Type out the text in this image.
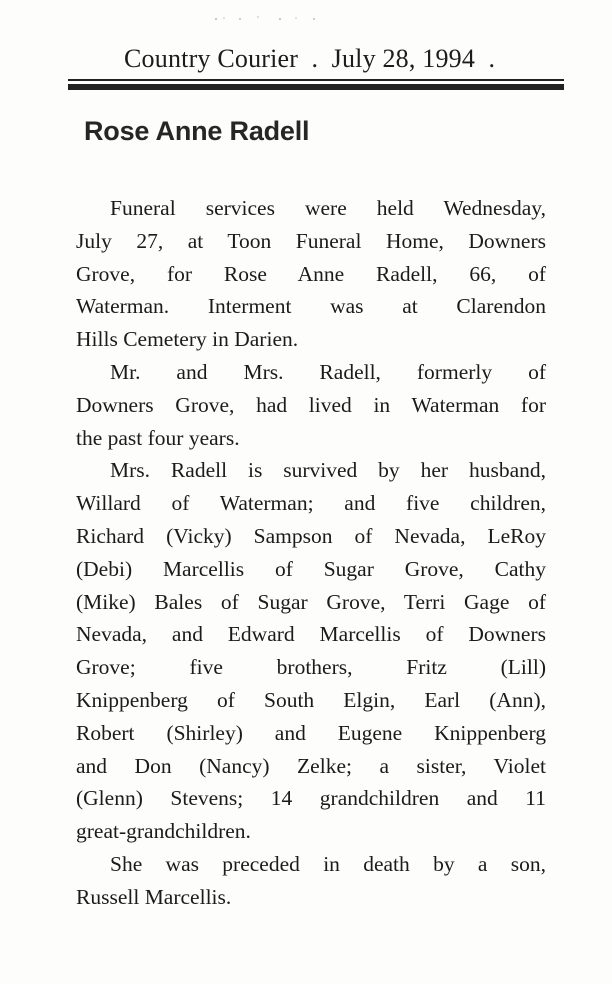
Country Courier  .  July 28, 1994  .
Rose Anne Radell
Funeral services were held Wednesday,
July 27, at Toon Funeral Home, Downers
Grove, for Rose Anne Radell, 66, of
Waterman. Interment was at Clarendon
Hills Cemetery in Darien.
Mr. and Mrs. Radell, formerly of
Downers Grove, had lived in Waterman for
the past four years.
Mrs. Radell is survived by her husband,
Willard of Waterman; and five children,
Richard (Vicky) Sampson of Nevada, LeRoy
(Debi) Marcellis of Sugar Grove, Cathy
(Mike) Bales of Sugar Grove, Terri Gage of
Nevada, and Edward Marcellis of Downers
Grove; five brothers, Fritz (Lill)
Knippenberg of South Elgin, Earl (Ann),
Robert (Shirley) and Eugene Knippenberg
and Don (Nancy) Zelke; a sister, Violet
(Glenn) Stevens; 14 grandchildren and 11
great-grandchildren.
She was preceded in death by a son,
Russell Marcellis.
